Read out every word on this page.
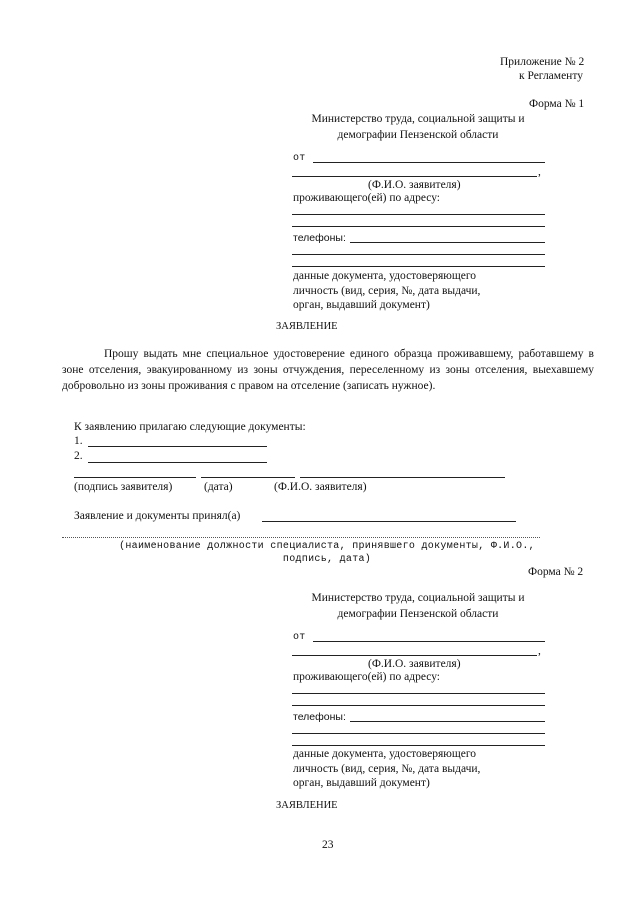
Приложение № 2
к Регламенту
Форма № 1
Министерство труда, социальной защиты и
демографии Пензенской области
от
,
(Ф.И.О. заявителя)
проживающего(ей) по адресу:
телефоны:
данные документа, удостоверяющего
личность (вид, серия, №, дата выдачи,
орган, выдавший документ)
ЗАЯВЛЕНИЕ
Прошу выдать мне специальное удостоверение единого образца проживавшему, работавшему в зоне отселения, эвакуированному из зоны отчуждения, переселенному из зоны отселения, выехавшему добровольно из зоны проживания с правом на отселение (записать нужное).
К заявлению прилагаю следующие документы:
1.
2.
(подпись заявителя)	(дата)	(Ф.И.О. заявителя)
Заявление и документы принял(а)
(наименование должности специалиста, принявшего документы, Ф.И.О.,
подпись, дата)
Форма № 2
Министерство труда, социальной защиты и
демографии Пензенской области
от
,
(Ф.И.О. заявителя)
проживающего(ей) по адресу:
телефоны:
данные документа, удостоверяющего
личность (вид, серия, №, дата выдачи,
орган, выдавший документ)
ЗАЯВЛЕНИЕ
23
